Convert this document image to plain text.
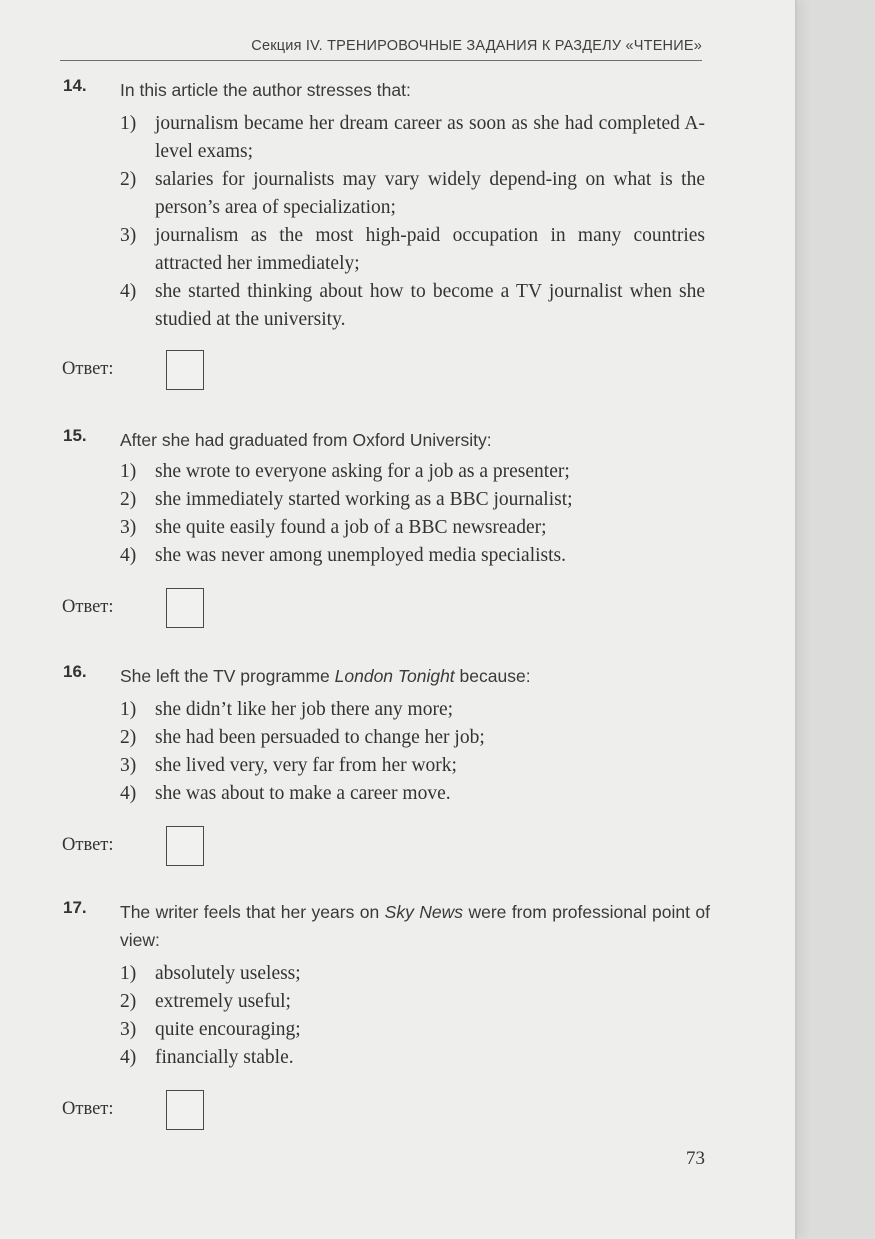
Секция IV. ТРЕНИРОВОЧНЫЕ ЗАДАНИЯ К РАЗДЕЛУ «ЧТЕНИЕ»
14. In this article the author stresses that:
1) journalism became her dream career as soon as she had completed A-level exams;
2) salaries for journalists may vary widely depend-ing on what is the person’s area of specialization;
3) journalism as the most high-paid occupation in many countries attracted her immediately;
4) she started thinking about how to become a TV journalist when she studied at the university.
Ответ:
15. After she had graduated from Oxford University:
1) she wrote to everyone asking for a job as a presenter;
2) she immediately started working as a BBC journalist;
3) she quite easily found a job of a BBC newsreader;
4) she was never among unemployed media specialists.
Ответ:
16. She left the TV programme London Tonight because:
1) she didn’t like her job there any more;
2) she had been persuaded to change her job;
3) she lived very, very far from her work;
4) she was about to make a career move.
Ответ:
17. The writer feels that her years on Sky News were from professional point of view:
1) absolutely useless;
2) extremely useful;
3) quite encouraging;
4) financially stable.
Ответ:
73
